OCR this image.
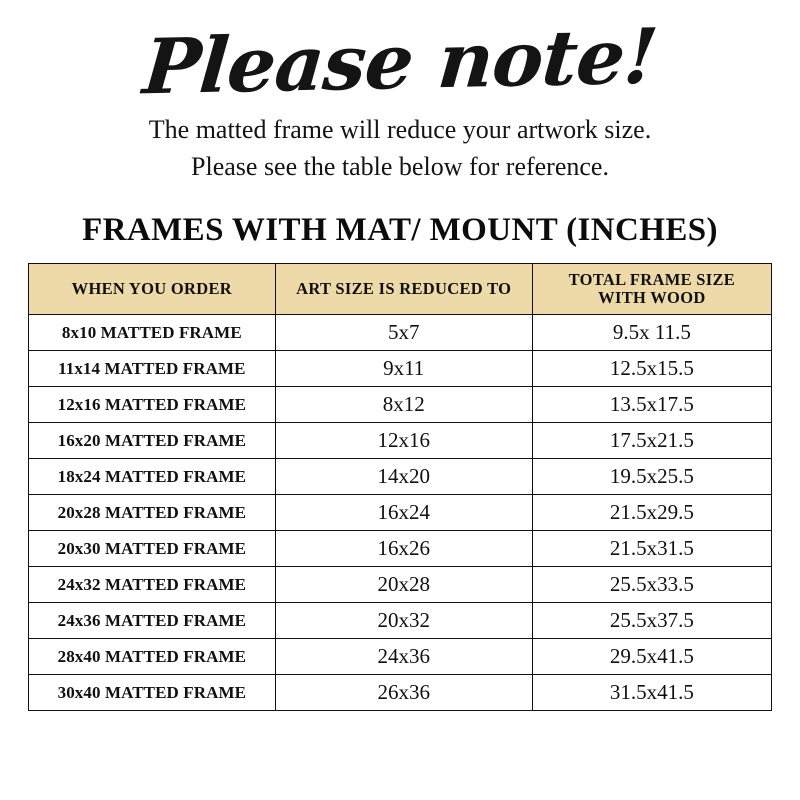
Please note!
The matted frame will reduce your artwork size.
Please see the table below for reference.
FRAMES WITH MAT/ MOUNT (INCHES)
WHEN YOU ORDER	ART SIZE IS REDUCED TO	TOTAL FRAME SIZE
WITH WOOD

8x10 MATTED FRAME	5x7	9.5x 11.5
11x14 MATTED FRAME	9x11	12.5x15.5
12x16 MATTED FRAME	8x12	13.5x17.5
16x20 MATTED FRAME	12x16	17.5x21.5
18x24 MATTED FRAME	14x20	19.5x25.5
20x28 MATTED FRAME	16x24	21.5x29.5
20x30 MATTED FRAME	16x26	21.5x31.5
24x32 MATTED FRAME	20x28	25.5x33.5
24x36 MATTED FRAME	20x32	25.5x37.5
28x40 MATTED FRAME	24x36	29.5x41.5
30x40 MATTED FRAME	26x36	31.5x41.5
